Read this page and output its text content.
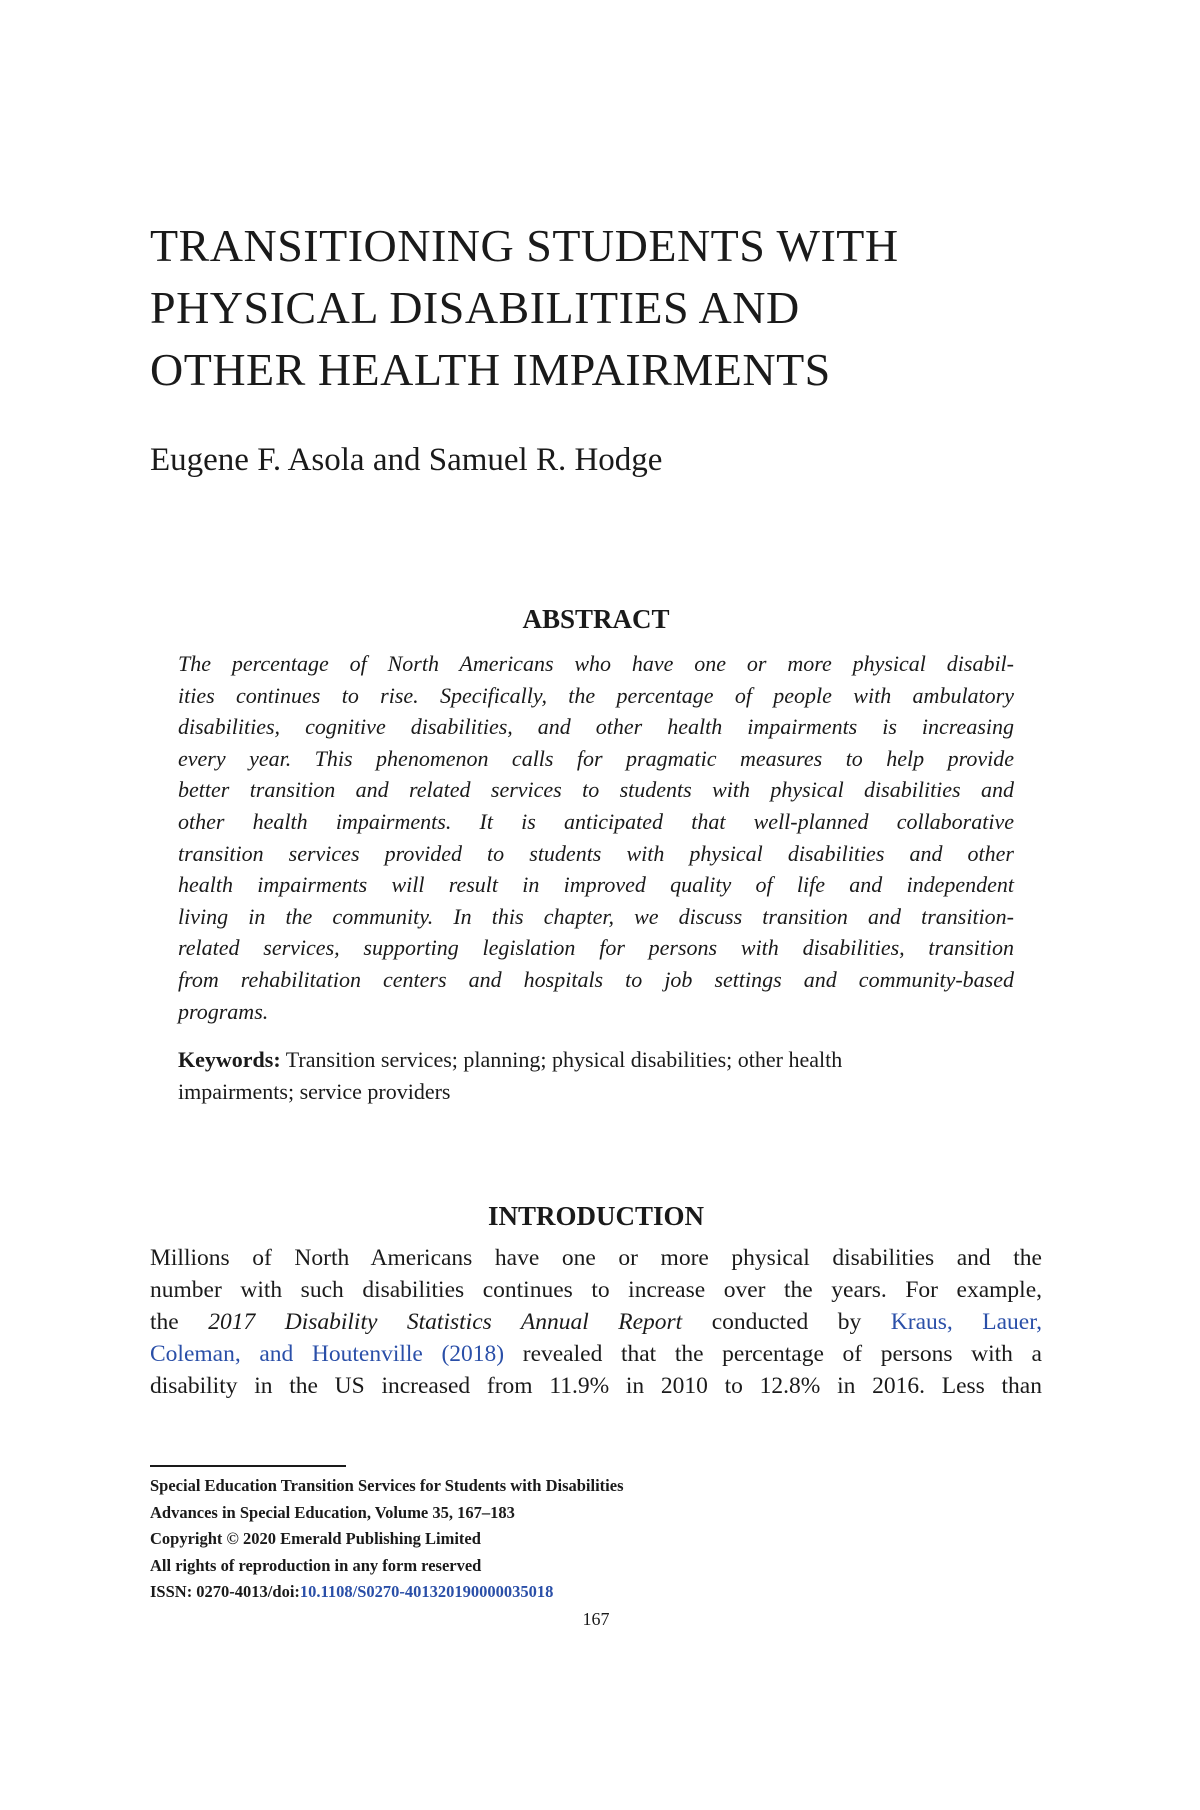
TRANSITIONING STUDENTS WITH
PHYSICAL DISABILITIES AND
OTHER HEALTH IMPAIRMENTS

Eugene F. Asola and Samuel R. Hodge

ABSTRACT

The percentage of North Americans who have one or more physical disabil-
ities continues to rise. Specifically, the percentage of people with ambulatory
disabilities, cognitive disabilities, and other health impairments is increasing
every year. This phenomenon calls for pragmatic measures to help provide
better transition and related services to students with physical disabilities and
other health impairments. It is anticipated that well-planned collaborative
transition services provided to students with physical disabilities and other
health impairments will result in improved quality of life and independent
living in the community. In this chapter, we discuss transition and transition-
related services, supporting legislation for persons with disabilities, transition
from rehabilitation centers and hospitals to job settings and community-based
programs.

Keywords: Transition services; planning; physical disabilities; other health
impairments; service providers

INTRODUCTION

Millions of North Americans have one or more physical disabilities and the
number with such disabilities continues to increase over the years. For example,
the 2017 Disability Statistics Annual Report conducted by Kraus, Lauer,
Coleman, and Houtenville (2018) revealed that the percentage of persons with a
disability in the US increased from 11.9% in 2010 to 12.8% in 2016. Less than

Special Education Transition Services for Students with Disabilities
Advances in Special Education, Volume 35, 167–183
Copyright © 2020 Emerald Publishing Limited
All rights of reproduction in any form reserved
ISSN: 0270-4013/doi:10.1108/S0270-401320190000035018

167
